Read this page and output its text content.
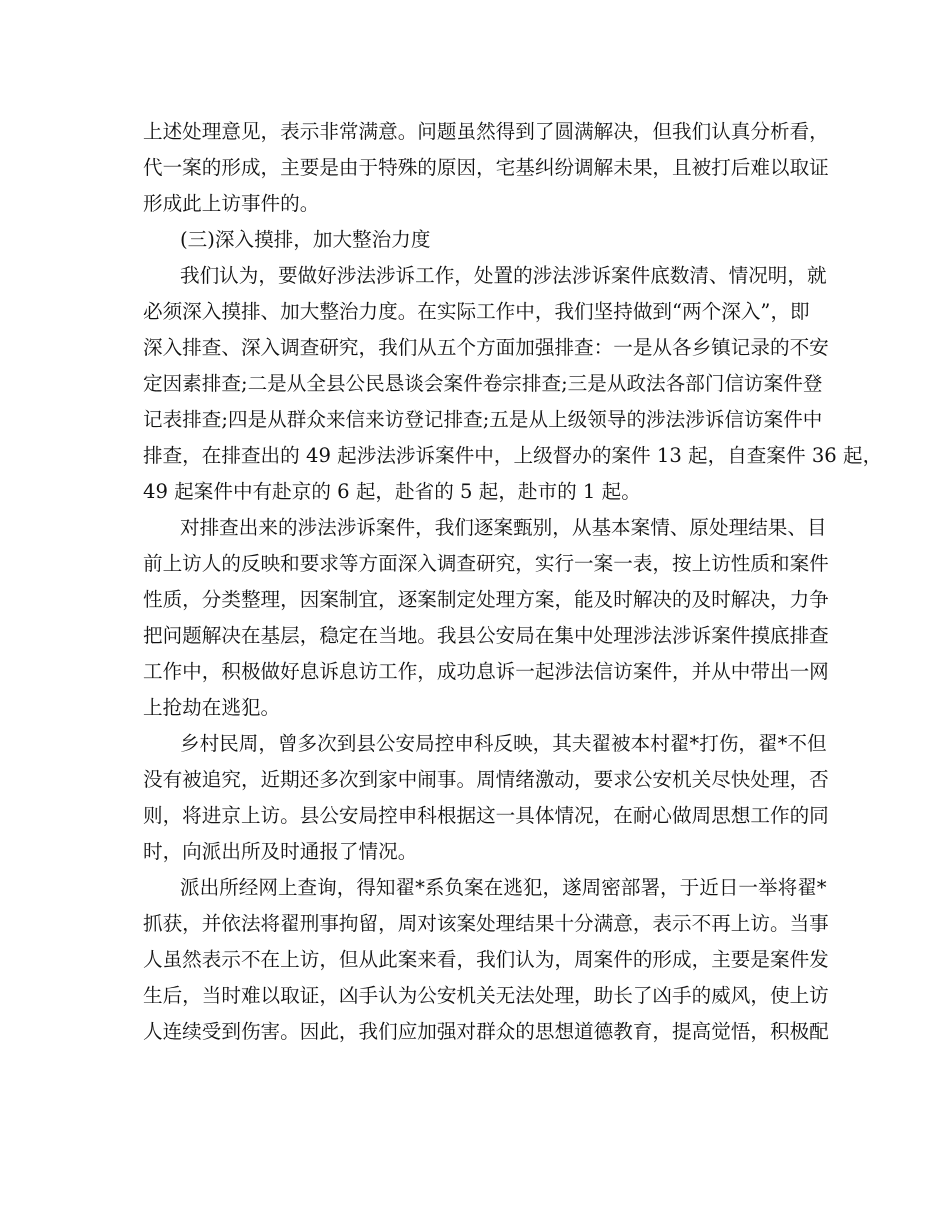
上述处理意见，表示非常满意。问题虽然得到了圆满解决，但我们认真分析看，
代一案的形成，主要是由于特殊的原因，宅基纠纷调解未果，且被打后难以取证
形成此上访事件的。
(三)深入摸排，加大整治力度
我们认为，要做好涉法涉诉工作，处置的涉法涉诉案件底数清、情况明，就
必须深入摸排、加大整治力度。在实际工作中，我们坚持做到“两个深入”，即
深入排查、深入调查研究，我们从五个方面加强排查：一是从各乡镇记录的不安
定因素排查;二是从全县公民恳谈会案件卷宗排查;三是从政法各部门信访案件登
记表排查;四是从群众来信来访登记排查;五是从上级领导的涉法涉诉信访案件中
排查，在排查出的 49 起涉法涉诉案件中，上级督办的案件 13 起，自查案件 36 起，
49 起案件中有赴京的 6 起，赴省的 5 起，赴市的 1 起。
对排查出来的涉法涉诉案件，我们逐案甄别，从基本案情、原处理结果、目
前上访人的反映和要求等方面深入调查研究，实行一案一表，按上访性质和案件
性质，分类整理，因案制宜，逐案制定处理方案，能及时解决的及时解决，力争
把问题解决在基层，稳定在当地。我县公安局在集中处理涉法涉诉案件摸底排查
工作中，积极做好息诉息访工作，成功息诉一起涉法信访案件，并从中带出一网
上抢劫在逃犯。
乡村民周，曾多次到县公安局控申科反映，其夫翟被本村翟*打伤，翟*不但
没有被追究，近期还多次到家中闹事。周情绪激动，要求公安机关尽快处理，否
则，将进京上访。县公安局控申科根据这一具体情况，在耐心做周思想工作的同
时，向派出所及时通报了情况。
派出所经网上查询，得知翟*系负案在逃犯，遂周密部署，于近日一举将翟*
抓获，并依法将翟刑事拘留，周对该案处理结果十分满意，表示不再上访。当事
人虽然表示不在上访，但从此案来看，我们认为，周案件的形成，主要是案件发
生后，当时难以取证，凶手认为公安机关无法处理，助长了凶手的威风，使上访
人连续受到伤害。因此，我们应加强对群众的思想道德教育，提高觉悟，积极配
